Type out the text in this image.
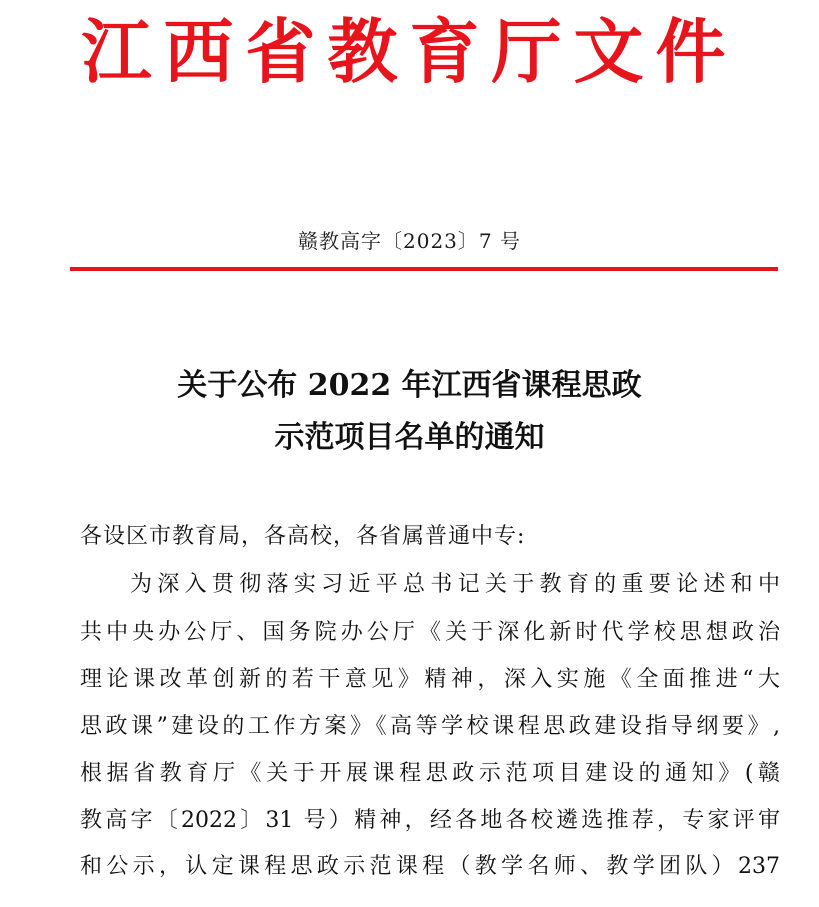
江西省教育厅文件
赣教高字〔2023〕7 号
关于公布 2022 年江西省课程思政
示范项目名单的通知
各设区市教育局，各高校，各省属普通中专:
为深入贯彻落实习近平总书记关于教育的重要论述和中
共中央办公厅、国务院办公厅《关于深化新时代学校思想政治
理论课改革创新的若干意见》精神，深入实施《全面推进“大
思政课”建设的工作方案》《高等学校课程思政建设指导纲要》,
根据省教育厅《关于开展课程思政示范项目建设的通知》(赣
教高字〔2022〕31 号）精神，经各地各校遴选推荐，专家评审
和公示，认定课程思政示范课程（教学名师、教学团队）237
